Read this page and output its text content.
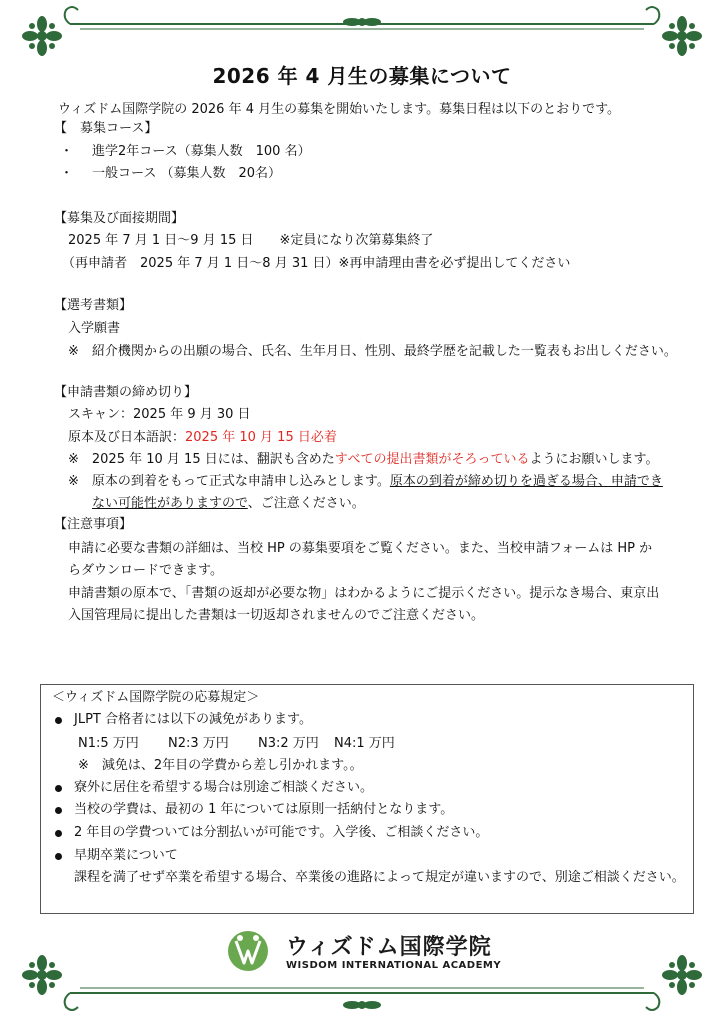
2026 年 4 月生の募集について
ウィズドム国際学院の 2026 年 4 月生の募集を開始いたします。募集日程は以下のとおりです。
【　募集コース】
・ 進学2年コース（募集人数　100 名）
・ 一般コース （募集人数　20名）
【募集及び面接期間】
2025 年 7 月 1 日～9 月 15 日　　※定員になり次第募集終了
（再申請者　2025 年 7 月 1 日～8 月 31 日）※再申請理由書を必ず提出してください
【選考書類】
入学願書
※　紹介機関からの出願の場合、氏名、生年月日、性別、最終学歴を記載した一覧表もお出しください。
【申請書類の締め切り】
スキャン：2025 年 9 月 30 日
原本及び日本語訳：2025 年 10 月 15 日必着
※　2025 年 10 月 15 日には、翻訳も含めたすべての提出書類がそろっているようにお願いします。
※　原本の到着をもって正式な申請申し込みとします。原本の到着が締め切りを過ぎる場合、申請でき
ない可能性がありますので、ご注意ください。
【注意事項】
申請に必要な書類の詳細は、当校 HP の募集要項をご覧ください。また、当校申請フォームは HP か
らダウンロードできます。
申請書類の原本で、「書類の返却が必要な物」はわかるようにご提示ください。提示なき場合、東京出
入国管理局に提出した書類は一切返却されませんのでご注意ください。
＜ウィズドム国際学院の応募規定＞
JLPT 合格者には以下の減免があります。
N1:5 万円 N2:3 万円 N3:2 万円 N4:1 万円
※　減免は、2年目の学費から差し引かれます。。
寮外に居住を希望する場合は別途ご相談ください。
当校の学費は、最初の 1 年については原則一括納付となります。
2 年目の学費ついては分割払いが可能です。入学後、ご相談ください。
早期卒業について
課程を満了せず卒業を希望する場合、卒業後の進路によって規定が違いますので、別途ご相談ください。
ウィズドム国際学院
WISDOM INTERNATIONAL ACADEMY
